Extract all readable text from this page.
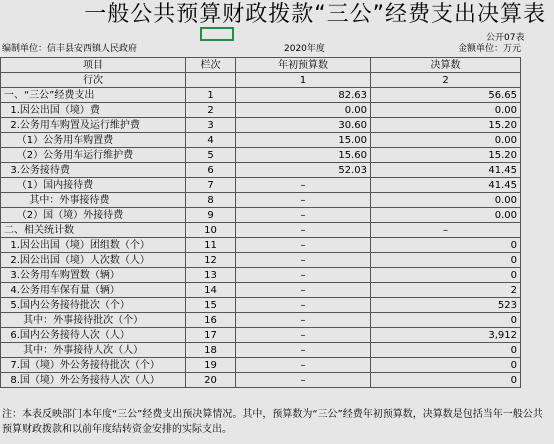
一般公共预算财政拨款“三公”经费支出决算表
公开07表
编制单位：信丰县安西镇人民政府	2020年度	金额单位：万元
项目	栏次	年初预算数	决算数	
行次		1	2	
一、“三公”经费支出	1	82.63	56.65	
1.因公出国（境）费	2	0.00	0.00	
2.公务用车购置及运行维护费	3	30.60	15.20	
（1）公务用车购置费	4	15.00	0.00	
（2）公务用车运行维护费	5	15.60	15.20	
3.公务接待费	6	52.03	41.45	
（1）国内接待费	7	–	41.45	
其中：外事接待费	8	–	0.00	
（2）国（境）外接待费	9	–	0.00	
二、相关统计数	10	–	–	
1.因公出国（境）团组数（个）	11	–	0	
2.因公出国（境）人次数（人）	12	–	0	
3.公务用车购置数（辆）	13	–	0	
4.公务用车保有量（辆）	14	–	2	
5.国内公务接待批次（个）	15	–	523	
其中：外事接待批次（个）	16	–	0	
6.国内公务接待人次（人）	17	–	3,912	
其中：外事接待人次（人）	18	–	0	
7.国（境）外公务接待批次（个）	19	–	0	
8.国（境）外公务接待人次（人）	20	–	0	
注：本表反映部门本年度“三公”经费支出预决算情况。其中，预算数为“三公”经费年初预算数，决算数是包括当年一般公共预算财政拨款和以前年度结转资金安排的实际支出。
